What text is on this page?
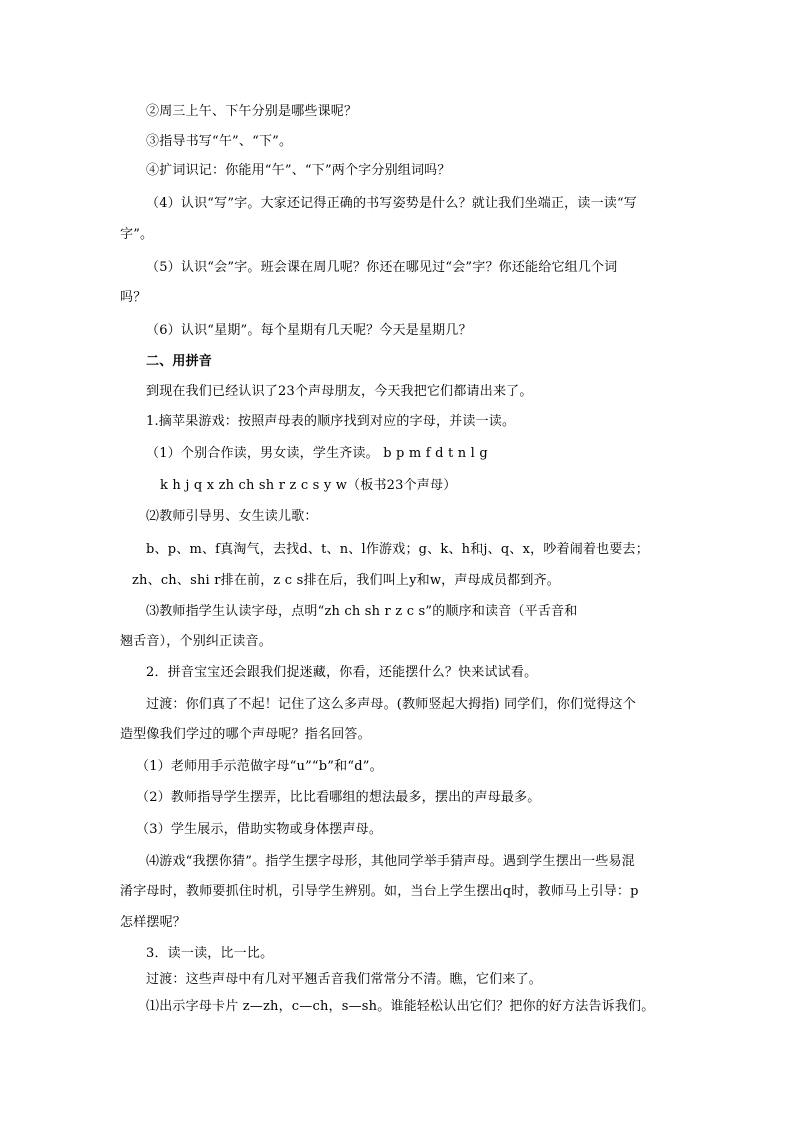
②周三上午、下午分别是哪些课呢？
③指导书写“午”、“下”。
④扩词识记：你能用“午”、“下”两个字分别组词吗？
（4）认识“写”字。大家还记得正确的书写姿势是什么？就让我们坐端正，读一读“写
字”。
（5）认识“会”字。班会课在周几呢？你还在哪见过“会”字？你还能给它组几个词
吗？
（6）认识“星期”。每个星期有几天呢？今天是星期几？
二、用拼音
到现在我们已经认识了23个声母朋友，今天我把它们都请出来了。
1.摘苹果游戏：按照声母表的顺序找到对应的字母，并读一读。
（1）个别合作读，男女读，学生齐读。 b p m f d t n l g
k h j q x zh ch sh r z c s y w（板书23个声母）
⑵教师引导男、女生读儿歌：
b、p、m、f真淘气，去找d、t、n、l作游戏；g、k、h和j、q、x，吵着闹着也要去；
zh、ch、shi r排在前，z c s排在后，我们叫上y和w，声母成员都到齐。
⑶教师指学生认读字母，点明“zh ch sh r z c s”的顺序和读音（平舌音和
翘舌音），个别纠正读音。
2．拼音宝宝还会跟我们捉迷藏，你看，还能摆什么？快来试试看。
过渡：你们真了不起！记住了这么多声母。(教师竖起大拇指) 同学们，你们觉得这个
造型像我们学过的哪个声母呢？指名回答。
（1）老师用手示范做字母“u”“b”和“d”。
（2）教师指导学生摆弄，比比看哪组的想法最多，摆出的声母最多。
（3）学生展示，借助实物或身体摆声母。
⑷游戏“我摆你猜”。指学生摆字母形，其他同学举手猜声母。遇到学生摆出一些易混
淆字母时，教师要抓住时机，引导学生辨别。如，当台上学生摆出q时，教师马上引导：p
怎样摆呢？
3．读一读，比一比。
过渡：这些声母中有几对平翘舌音我们常常分不清。瞧，它们来了。
⑴出示字母卡片 z—zh，c—ch，s—sh。谁能轻松认出它们？把你的好方法告诉我们。
